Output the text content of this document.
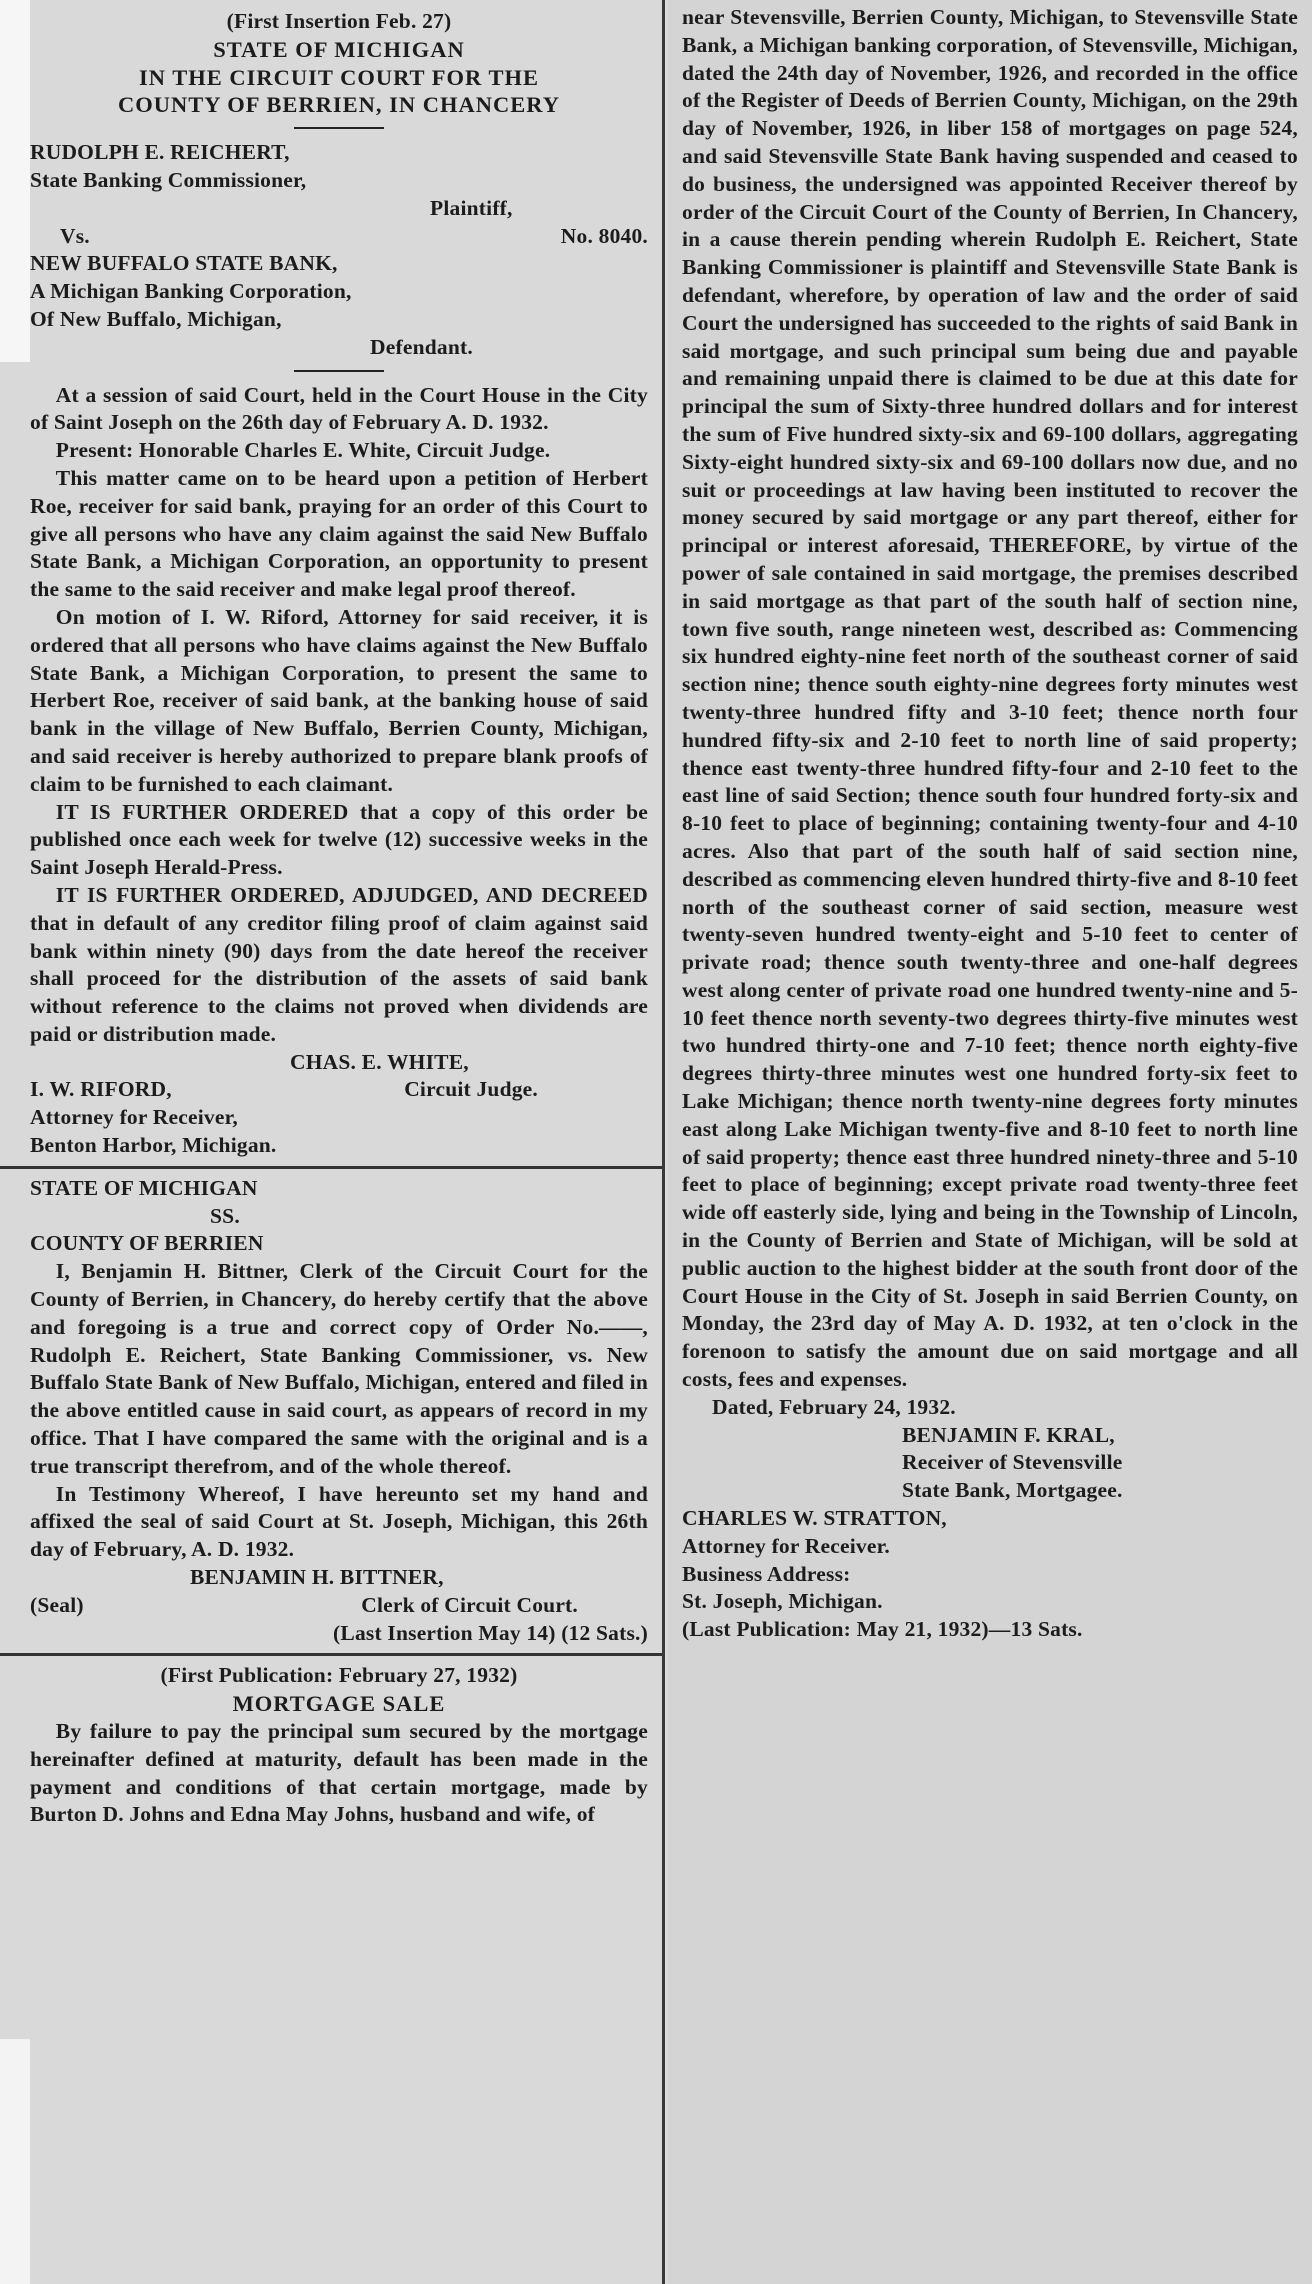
(First Insertion Feb. 27)
STATE OF MICHIGAN
IN THE CIRCUIT COURT FOR THE
COUNTY OF BERRIEN, IN CHANCERY
RUDOLPH E. REICHERT,
State Banking Commissioner,
Plaintiff,
Vs.	No. 8040.
NEW BUFFALO STATE BANK,
A Michigan Banking Corporation,
Of New Buffalo, Michigan,
Defendant.

At a session of said Court, held in the Court House in the City of Saint Joseph on the 26th day of February A. D. 1932.

Present: Honorable Charles E. White, Circuit Judge.

This matter came on to be heard upon a petition of Herbert Roe, receiver for said bank, praying for an order of this Court to give all persons who have any claim against the said New Buffalo State Bank, a Michigan Corporation, an opportunity to present the same to the said receiver and make legal proof thereof.

On motion of I. W. Riford, Attorney for said receiver, it is ordered that all persons who have claims against the New Buffalo State Bank, a Michigan Corporation, to present the same to Herbert Roe, receiver of said bank, at the banking house of said bank in the village of New Buffalo, Berrien County, Michigan, and said receiver is hereby authorized to prepare blank proofs of claim to be furnished to each claimant.

IT IS FURTHER ORDERED that a copy of this order be published once each week for twelve (12) successive weeks in the Saint Joseph Herald-Press.

IT IS FURTHER ORDERED, ADJUDGED, AND DECREED that in default of any creditor filing proof of claim against said bank within ninety (90) days from the date hereof the receiver shall proceed for the distribution of the assets of said bank without reference to the claims not proved when dividends are paid or distribution made.

CHAS. E. WHITE,
I. W. RIFORD,	Circuit Judge.
Attorney for Receiver,
Benton Harbor, Michigan.
STATE OF MICHIGAN
SS.
COUNTY OF BERRIEN

I, Benjamin H. Bittner, Clerk of the Circuit Court for the County of Berrien, in Chancery, do hereby certify that the above and foregoing is a true and correct copy of Order No.——, Rudolph E. Reichert, State Banking Commissioner, vs. New Buffalo State Bank of New Buffalo, Michigan, entered and filed in the above entitled cause in said court, as appears of record in my office. That I have compared the same with the original and is a true transcript therefrom, and of the whole thereof.

In Testimony Whereof, I have hereunto set my hand and affixed the seal of said Court at St. Joseph, Michigan, this 26th day of February, A. D. 1932.

BENJAMIN H. BITTNER,
(Seal)	Clerk of Circuit Court.
(Last Insertion May 14) (12 Sats.)
(First Publication: February 27, 1932)
MORTGAGE SALE

By failure to pay the principal sum secured by the mortgage hereinafter defined at maturity, default has been made in the payment and conditions of that certain mortgage, made by Burton D. Johns and Edna May Johns, husband and wife, of

near Stevensville, Berrien County, Michigan, to Stevensville State Bank, a Michigan banking corporation, of Stevensville, Michigan, dated the 24th day of November, 1926, and recorded in the office of the Register of Deeds of Berrien County, Michigan, on the 29th day of November, 1926, in liber 158 of mortgages on page 524, and said Stevensville State Bank having suspended and ceased to do business, the undersigned was appointed Receiver thereof by order of the Circuit Court of the County of Berrien, In Chancery, in a cause therein pending wherein Rudolph E. Reichert, State Banking Commissioner is plaintiff and Stevensville State Bank is defendant, wherefore, by operation of law and the order of said Court the undersigned has succeeded to the rights of said Bank in said mortgage, and such principal sum being due and payable and remaining unpaid there is claimed to be due at this date for principal the sum of Sixty-three hundred dollars and for interest the sum of Five hundred sixty-six and 69-100 dollars, aggregating Sixty-eight hundred sixty-six and 69-100 dollars now due, and no suit or proceedings at law having been instituted to recover the money secured by said mortgage or any part thereof, either for principal or interest aforesaid, THEREFORE, by virtue of the power of sale contained in said mortgage, the premises described in said mortgage as that part of the south half of section nine, town five south, range nineteen west, described as: Commencing six hundred eighty-nine feet north of the southeast corner of said section nine; thence south eighty-nine degrees forty minutes west twenty-three hundred fifty and 3-10 feet; thence north four hundred fifty-six and 2-10 feet to north line of said property; thence east twenty-three hundred fifty-four and 2-10 feet to the east line of said Section; thence south four hundred forty-six and 8-10 feet to place of beginning; containing twenty-four and 4-10 acres. Also that part of the south half of said section nine, described as commencing eleven hundred thirty-five and 8-10 feet north of the southeast corner of said section, measure west twenty-seven hundred twenty-eight and 5-10 feet to center of private road; thence south twenty-three and one-half degrees west along center of private road one hundred twenty-nine and 5-10 feet thence north seventy-two degrees thirty-five minutes west two hundred thirty-one and 7-10 feet; thence north eighty-five degrees thirty-three minutes west one hundred forty-six feet to Lake Michigan; thence north twenty-nine degrees forty minutes east along Lake Michigan twenty-five and 8-10 feet to north line of said property; thence east three hundred ninety-three and 5-10 feet to place of beginning; except private road twenty-three feet wide off easterly side, lying and being in the Township of Lincoln, in the County of Berrien and State of Michigan, will be sold at public auction to the highest bidder at the south front door of the Court House in the City of St. Joseph in said Berrien County, on Monday, the 23rd day of May A. D. 1932, at ten o'clock in the forenoon to satisfy the amount due on said mortgage and all costs, fees and expenses.

Dated, February 24, 1932.
BENJAMIN F. KRAL,
Receiver of Stevensville
State Bank, Mortgagee.
CHARLES W. STRATTON,
Attorney for Receiver.
Business Address:
St. Joseph, Michigan.
(Last Publication: May 21, 1932)—13 Sats.
